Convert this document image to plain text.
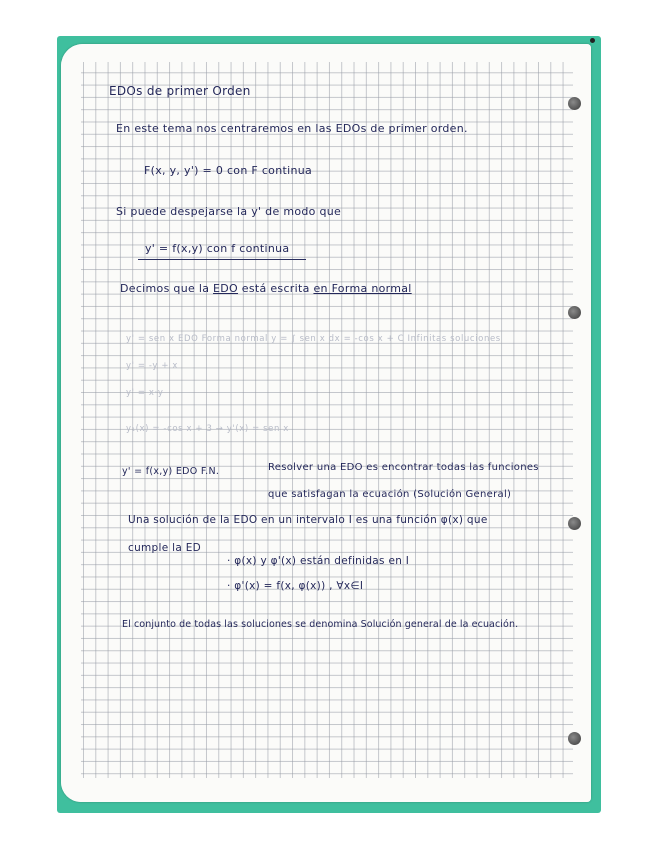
EDOs de primer Orden
En este tema nos centraremos en las EDOs de primer orden.
F(x, y, y') = 0 con F continua
Si puede despejarse la y' de modo que
y' = f(x,y) con f continua
Decimos que la EDO está escrita en Forma normal
y' = sen x EDO Forma normal y = ∫ sen x dx = -cos x + C Infinitas soluciones
y' = -y + x
y' = x·y
y₁(x) = -cos x + 3 → y'(x) = sen x
y' = f(x,y) EDO F.N.	Resolver una EDO es encontrar todas las funciones
que satisfagan la ecuación (Solución General)
Una solución de la EDO en un intervalo I es una función φ(x) que
cumple la ED
· φ(x) y φ'(x) están definidas en I
· φ'(x) = f(x, φ(x)) , ∀x∈I
El conjunto de todas las soluciones se denomina Solución general de la ecuación.
